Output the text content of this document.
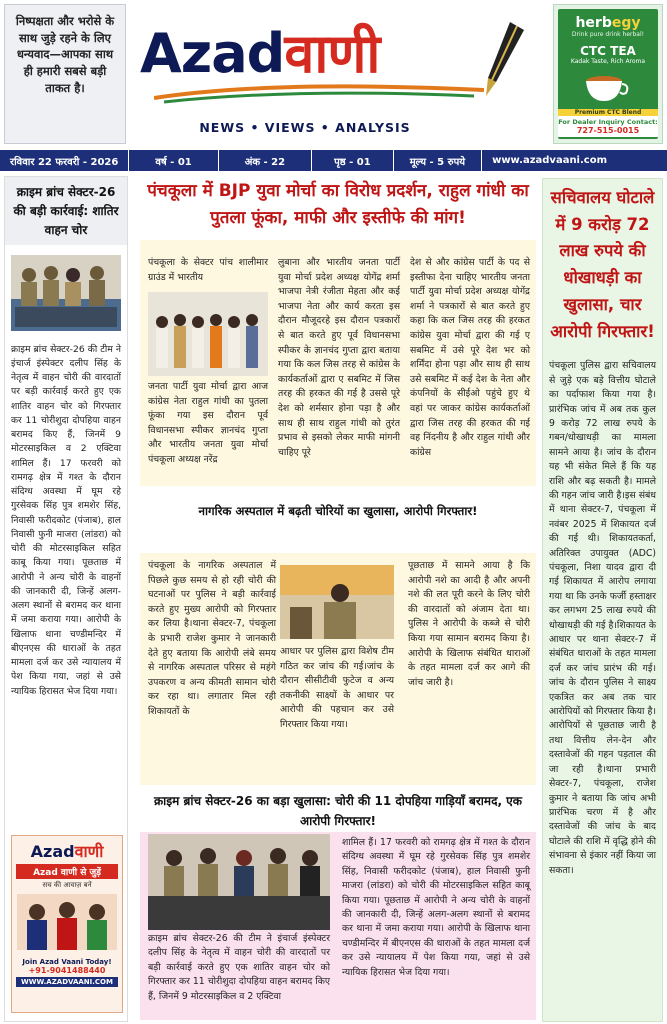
निष्पक्षता और भरोसे के साथ जुड़े रहने के लिए धन्यवाद—आपका साथ ही हमारी सबसे बड़ी ताकत है।
Azadवाणी
NEWS • VIEWS • ANALYSIS
herbegy
Drink pure drink herbal!
CTC TEA
Kadak Taste, Rich Aroma
Premium CTC Blend
For Dealer Inquiry Contact:
727-515-0015
रविवार 22 फरवरी - 2026	वर्ष - 01	अंक - 22	पृष्ठ - 01	मूल्य - 5 रुपये	www.azadvaani.com
क्राइम ब्रांच सेक्टर-26 की बड़ी कार्रवाई: शातिर वाहन चोर
क्राइम ब्रांच सेक्टर-26 की टीम ने इंचार्ज इंस्पेक्टर दलीप सिंह के नेतृत्व में वाहन चोरी की वारदातों पर बड़ी कार्रवाई करते हुए एक शातिर वाहन चोर को गिरफ्तार कर 11 चोरीशुदा दोपहिया वाहन बरामद किए हैं, जिनमें 9 मोटरसाइकिल व 2 एक्टिवा शामिल हैं। 17 फरवरी को रामगढ़ क्षेत्र में गश्त के दौरान संदिग्ध अवस्था में घूम रहे गुरसेवक सिंह पुत्र शमशेर सिंह, निवासी फरीदकोट (पंजाब), हाल निवासी फुनी माजरा (लांडरा) को चोरी की मोटरसाइकिल सहित काबू किया गया। पूछताछ में आरोपी ने अन्य चोरी के वाहनों की जानकारी दी, जिन्हें अलग-अलग स्थानों से बरामद कर थाना में जमा कराया गया। आरोपी के खिलाफ थाना चण्डीमन्दिर में बीएनएस की धाराओं के तहत मामला दर्ज कर उसे न्यायालय में पेश किया गया, जहां से उसे न्यायिक हिरासत भेज दिया गया।
Azadवाणी
Azad वाणी से जुड़ें
सच की आवाज़ बनें
Join Azad Vaani Today!
+91-9041488440
WWW.AZADVAANI.COM
पंचकूला में BJP युवा मोर्चा का विरोध प्रदर्शन, राहुल गांधी का पुतला फूंका, माफी और इस्तीफे की मांग!
पंचकूला के सेक्टर पांच शालीमार ग्राउंड में भारतीय
जनता पार्टी युवा मोर्चा द्वारा आज कांग्रेस नेता राहुल गांधी का पुतला फूंका गया इस दौरान पूर्व विधानसभा स्पीकर ज्ञानचंद गुप्ता और भारतीय जनता युवा मोर्चा पंचकूला अध्यक्ष नरेंद्र
लुबाना और भारतीय जनता पार्टी युवा मोर्चा प्रदेश अध्यक्ष योगेंद्र शर्मा भाजपा नेत्री रंजीता मेहता और कई भाजपा नेता और कार्य करता इस दौरान मौजूदरहे इस दौरान पत्रकारों से बात करते हुए पूर्व विधानसभा स्पीकर के ज्ञानचंद गुप्ता द्वारा बताया गया कि कल जिस तरह से कांग्रेस के कार्यकर्ताओं द्वारा ए सबमिट में जिस तरह की हरकत की गई है उससे पूरे देश को शर्मसार होना पड़ा है और साथ ही साथ राहुल गांधी को तुरंत प्रभाव से इसको लेकर माफी मांगनी चाहिए पूरे
देश से और कांग्रेस पार्टी के पद से इस्तीफा देना चाहिए भारतीय जनता पार्टी युवा मोर्चा प्रदेश अध्यक्ष योगेंद्र शर्मा ने पत्रकारों से बात करते हुए कहा कि कल जिस तरह की हरकत कांग्रेस युवा मोर्चा द्वारा की गई ए सबमिट में उसे पूरे देश भर को शर्मिंदा होना पड़ा और साथ ही साथ उसे सबमिट में कई देश के नेता और कंपनियों के सीईओ पहुंचे हुए थे वहां पर जाकर कांग्रेस कार्यकर्ताओं द्वारा जिस तरह की हरकत की गई वह निंदनीय है और राहुल गांधी और कांग्रेस
नागरिक अस्पताल में बढ़ती चोरियों का खुलासा, आरोपी गिरफ्तार!
पंचकूला के नागरिक अस्पताल में पिछले कुछ समय से हो रही चोरी की घटनाओं पर पुलिस ने बड़ी कार्रवाई करते हुए मुख्य आरोपी को गिरफ्तार कर लिया है।थाना सेक्टर-7, पंचकूला के प्रभारी राजेश कुमार ने जानकारी देते हुए बताया कि आरोपी लंबे समय से नागरिक अस्पताल परिसर से महंगे उपकरण व अन्य कीमती सामान चोरी कर रहा था। लगातार मिल रही शिकायतों के
आधार पर पुलिस द्वारा विशेष टीम गठित कर जांच की गई।जांच के दौरान सीसीटीवी फुटेज व अन्य तकनीकी साक्ष्यों के आधार पर आरोपी की पहचान कर उसे गिरफ्तार किया गया।
पूछताछ में सामने आया है कि आरोपी नशे का आदी है और अपनी नशे की लत पूरी करने के लिए चोरी की वारदातों को अंजाम देता था।पुलिस ने आरोपी के कब्जे से चोरी किया गया सामान बरामद किया है। आरोपी के खिलाफ संबंधित धाराओं के तहत मामला दर्ज कर आगे की जांच जारी है।
क्राइम ब्रांच सेक्टर-26 का बड़ा खुलासा: चोरी की 11 दोपहिया गाड़ियाँ बरामद, एक आरोपी गिरफ्तार!
क्राइम ब्रांच सेक्टर-26 की टीम ने इंचार्ज इंस्पेक्टर दलीप सिंह के नेतृत्व में वाहन चोरी की वारदातों पर बड़ी कार्रवाई करते हुए एक शातिर वाहन चोर को गिरफ्तार कर 11 चोरीशुदा दोपहिया वाहन बरामद किए हैं, जिनमें 9 मोटरसाइकिल व 2 एक्टिवा
शामिल हैं। 17 फरवरी को रामगढ़ क्षेत्र में गश्त के दौरान संदिग्ध अवस्था में घूम रहे गुरसेवक सिंह पुत्र शमशेर सिंह, निवासी फरीदकोट (पंजाब), हाल निवासी फुनी माजरा (लांडरा) को चोरी की मोटरसाइकिल सहित काबू किया गया। पूछताछ में आरोपी ने अन्य चोरी के वाहनों की जानकारी दी, जिन्हें अलग-अलग स्थानों से बरामद कर थाना में जमा कराया गया। आरोपी के खिलाफ थाना चण्डीमन्दिर में बीएनएस की धाराओं के तहत मामला दर्ज कर उसे न्यायालय में पेश किया गया, जहां से उसे न्यायिक हिरासत भेज दिया गया।
सचिवालय घोटाले में 9 करोड़ 72 लाख रुपये की धोखाधड़ी का खुलासा, चार आरोपी गिरफ्तार!
पंचकूला पुलिस द्वारा सचिवालय से जुड़े एक बड़े वित्तीय घोटाले का पर्दाफाश किया गया है। प्रारंभिक जांच में अब तक कुल 9 करोड़ 72 लाख रुपये के गबन/धोखाधड़ी का मामला सामने आया है। जांच के दौरान यह भी संकेत मिले हैं कि यह राशि और बढ़ सकती है। मामले की गहन जांच जारी है।इस संबंध में थाना सेक्टर-7, पंचकूला में नवंबर 2025 में शिकायत दर्ज की गई थी। शिकायतकर्ता, अतिरिक्त उपायुक्त (ADC) पंचकूला, निशा यादव द्वारा दी गई शिकायत में आरोप लगाया गया था कि उनके फर्जी हस्ताक्षर कर लगभग 25 लाख रुपये की धोखाधड़ी की गई है।शिकायत के आधार पर थाना सेक्टर-7 में संबंधित धाराओं के तहत मामला दर्ज कर जांच प्रारंभ की गई। जांच के दौरान पुलिस ने साक्ष्य एकत्रित कर अब तक चार आरोपियों को गिरफ्तार किया है। आरोपियों से पूछताछ जारी है तथा वित्तीय लेन-देन और दस्तावेजों की गहन पड़ताल की जा रही है।थाना प्रभारी सेक्टर-7, पंचकूला, राजेश कुमार ने बताया कि जांच अभी प्रारंभिक चरण में है और दस्तावेजों की जांच के बाद घोटाले की राशि में वृद्धि होने की संभावना से इंकार नहीं किया जा सकता।
